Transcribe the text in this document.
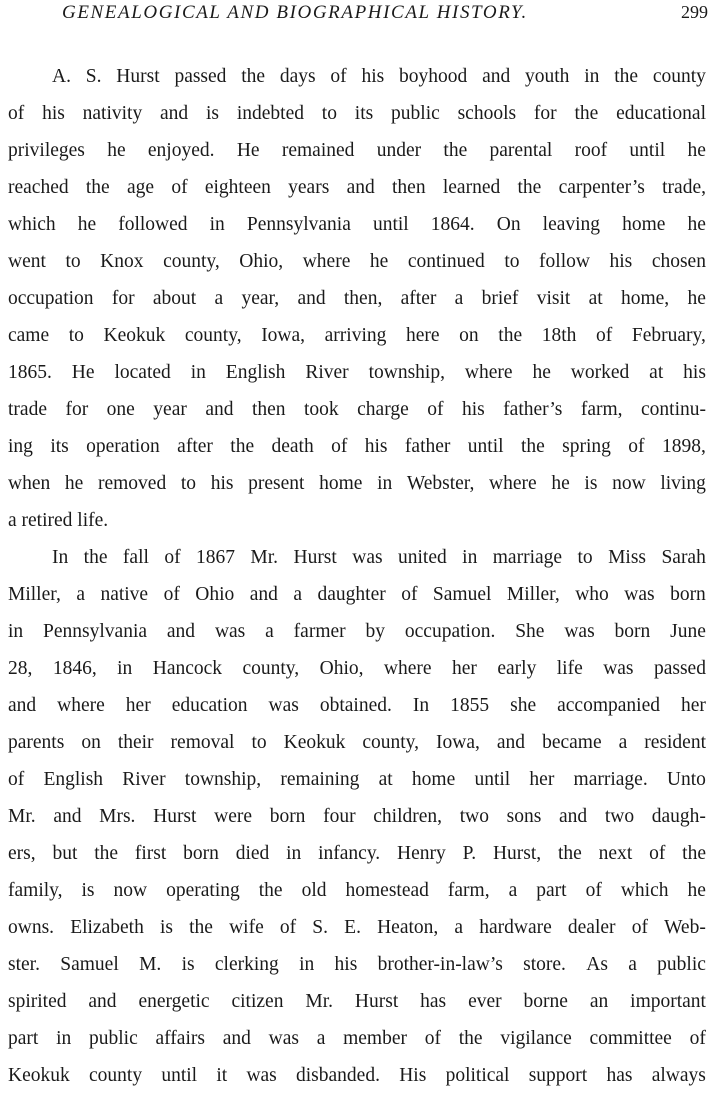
GENEALOGICAL AND BIOGRAPHICAL HISTORY.	299
A. S. Hurst passed the days of his boyhood and youth in the county
of his nativity and is indebted to its public schools for the educational
privileges he enjoyed. He remained under the parental roof until he
reached the age of eighteen years and then learned the carpenter’s trade,
which he followed in Pennsylvania until 1864. On leaving home he
went to Knox county, Ohio, where he continued to follow his chosen
occupation for about a year, and then, after a brief visit at home, he
came to Keokuk county, Iowa, arriving here on the 18th of February,
1865. He located in English River township, where he worked at his
trade for one year and then took charge of his father’s farm, continu-
ing its operation after the death of his father until the spring of 1898,
when he removed to his present home in Webster, where he is now living
a retired life.
In the fall of 1867 Mr. Hurst was united in marriage to Miss Sarah
Miller, a native of Ohio and a daughter of Samuel Miller, who was born
in Pennsylvania and was a farmer by occupation. She was born June
28, 1846, in Hancock county, Ohio, where her early life was passed
and where her education was obtained. In 1855 she accompanied her
parents on their removal to Keokuk county, Iowa, and became a resident
of English River township, remaining at home until her marriage. Unto
Mr. and Mrs. Hurst were born four children, two sons and two daugh-
ers, but the first born died in infancy. Henry P. Hurst, the next of the
family, is now operating the old homestead farm, a part of which he
owns. Elizabeth is the wife of S. E. Heaton, a hardware dealer of Web-
ster. Samuel M. is clerking in his brother-in-law’s store. As a public
spirited and energetic citizen Mr. Hurst has ever borne an important
part in public affairs and was a member of the vigilance committee of
Keokuk county until it was disbanded. His political support has always
